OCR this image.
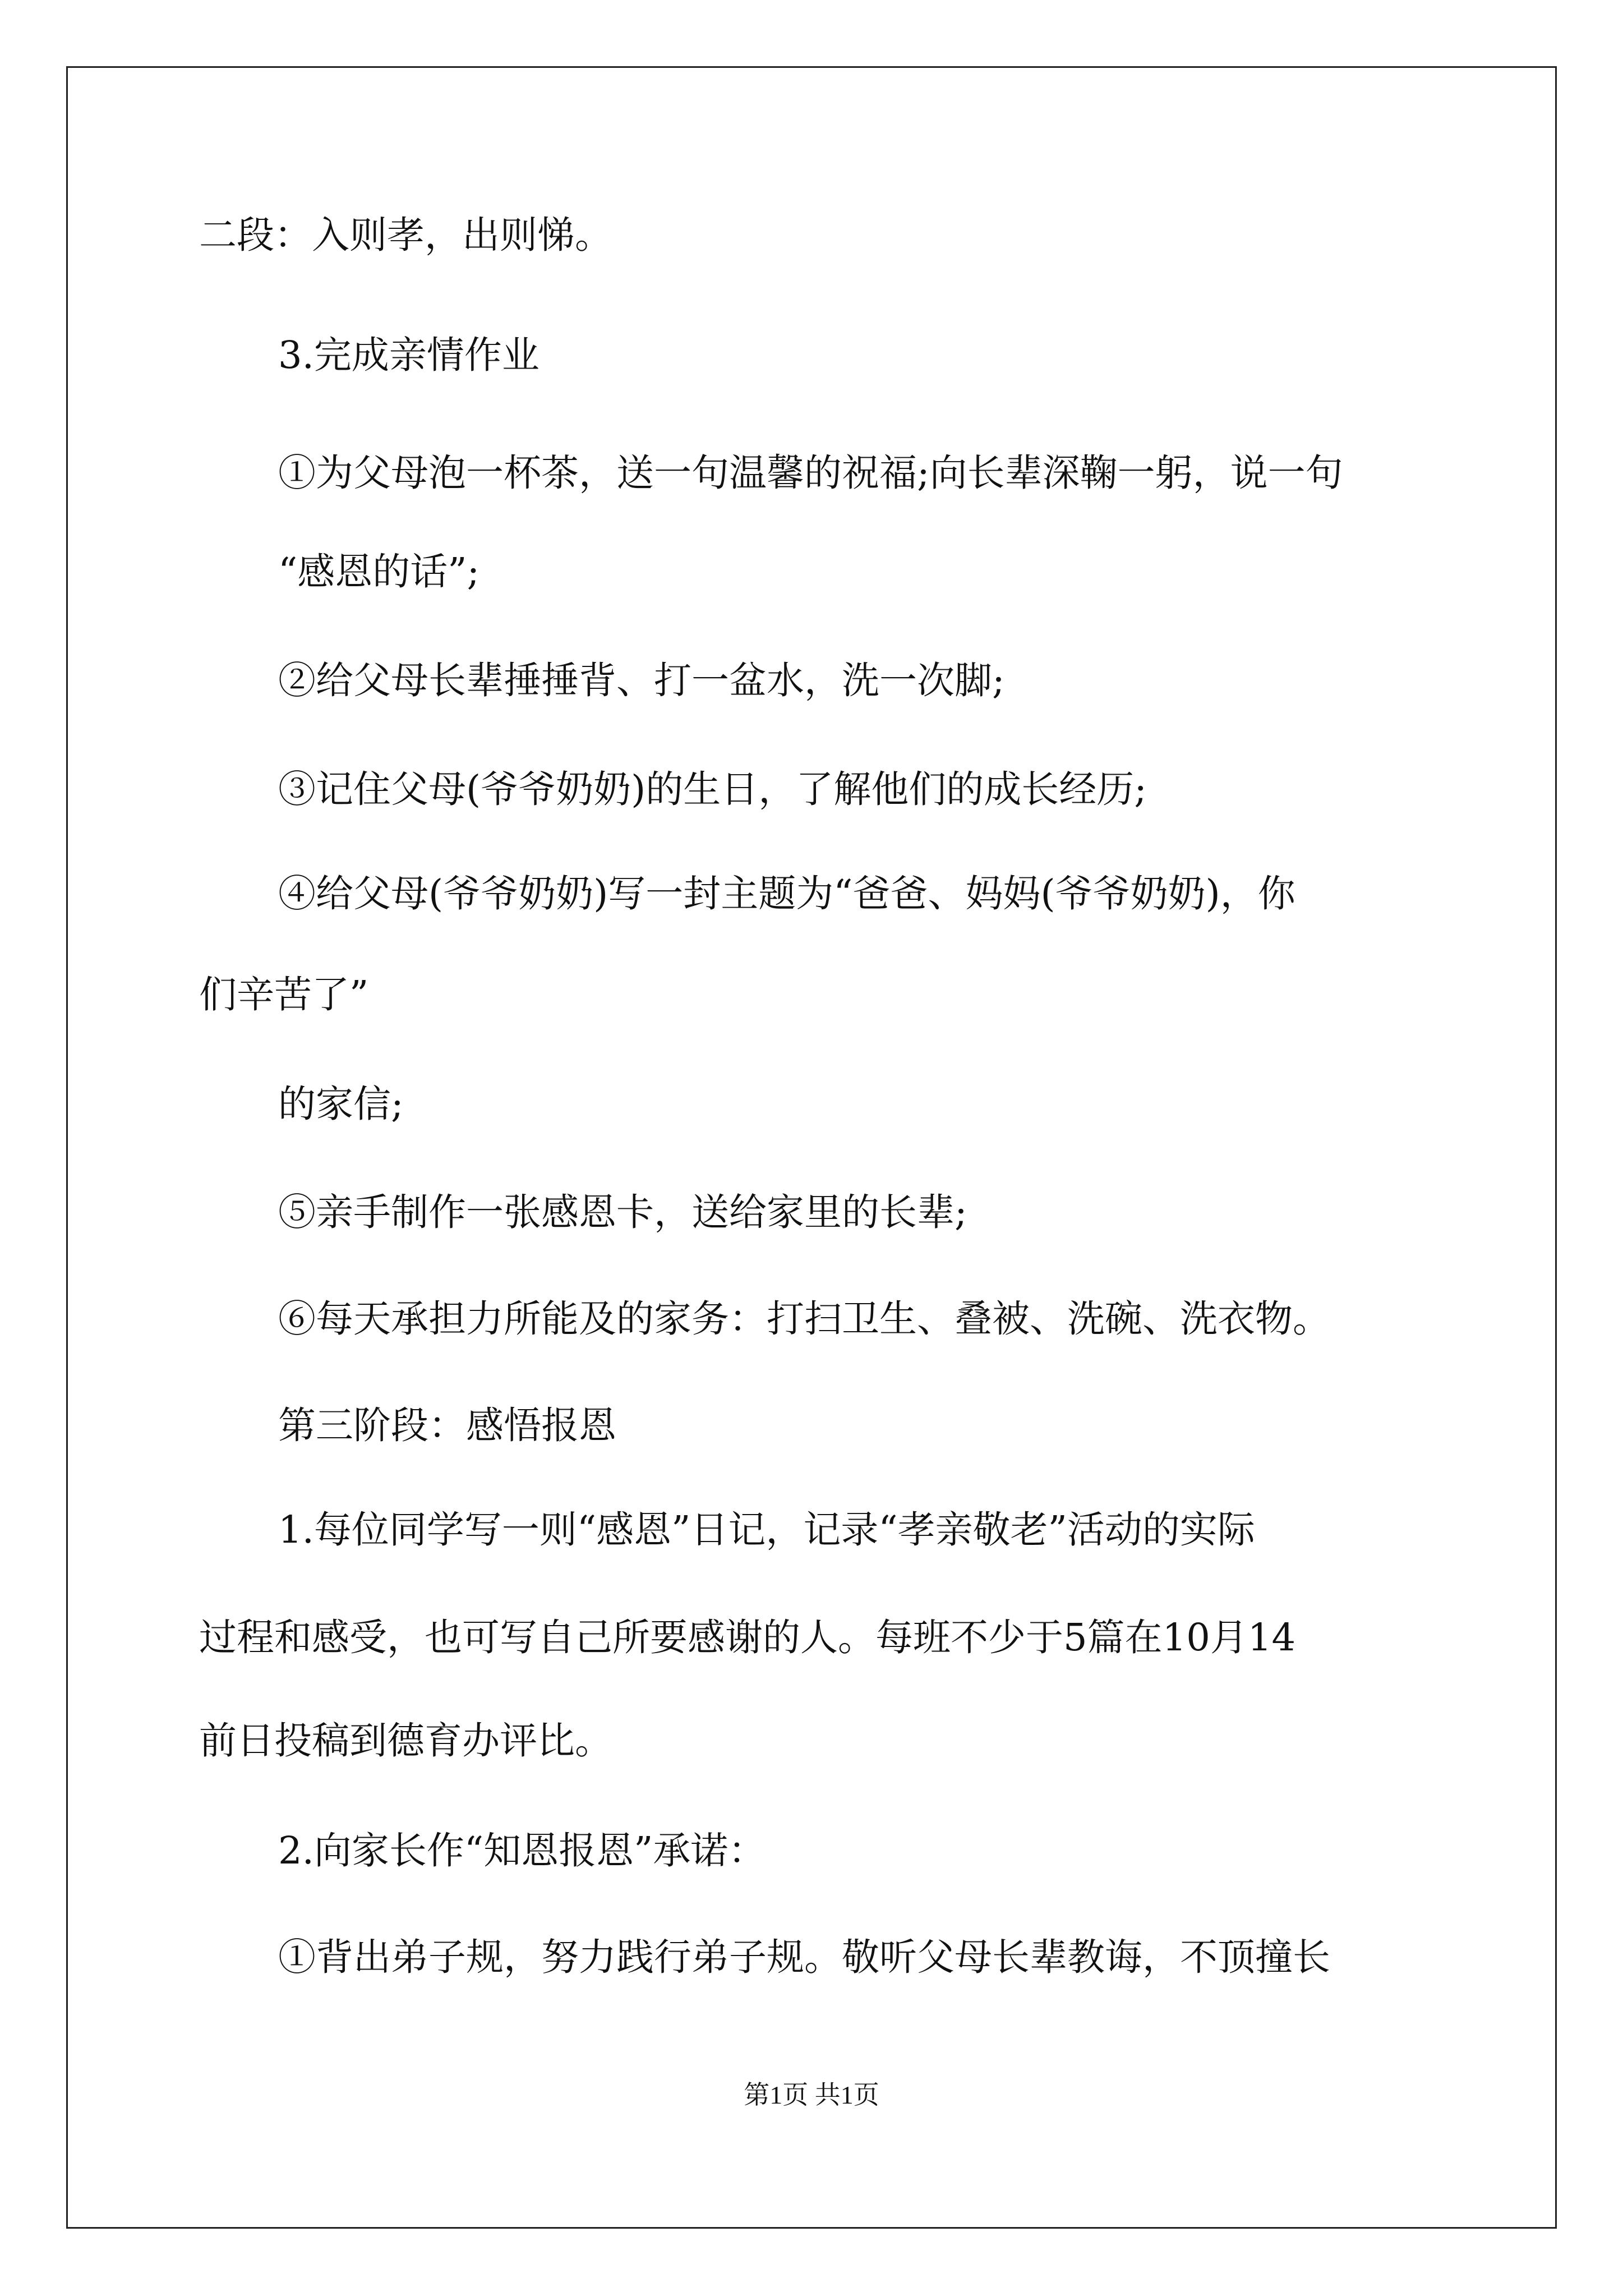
二段：入则孝，出则悌。
3.完成亲情作业
①为父母泡一杯茶，送一句温馨的祝福;向长辈深鞠一躬，说一句
“感恩的话”;
②给父母长辈捶捶背、打一盆水，洗一次脚;
③记住父母(爷爷奶奶)的生日，了解他们的成长经历;
④给父母(爷爷奶奶)写一封主题为“爸爸、妈妈(爷爷奶奶)，你
们辛苦了”
的家信;
⑤亲手制作一张感恩卡，送给家里的长辈;
⑥每天承担力所能及的家务：打扫卫生、叠被、洗碗、洗衣物。
第三阶段：感悟报恩
1.每位同学写一则“感恩”日记，记录“孝亲敬老”活动的实际
过程和感受，也可写自己所要感谢的人。每班不少于5篇在10月14
前日投稿到德育办评比。
2.向家长作“知恩报恩”承诺：
①背出弟子规，努力践行弟子规。敬听父母长辈教诲，不顶撞长
第1页 共1页
